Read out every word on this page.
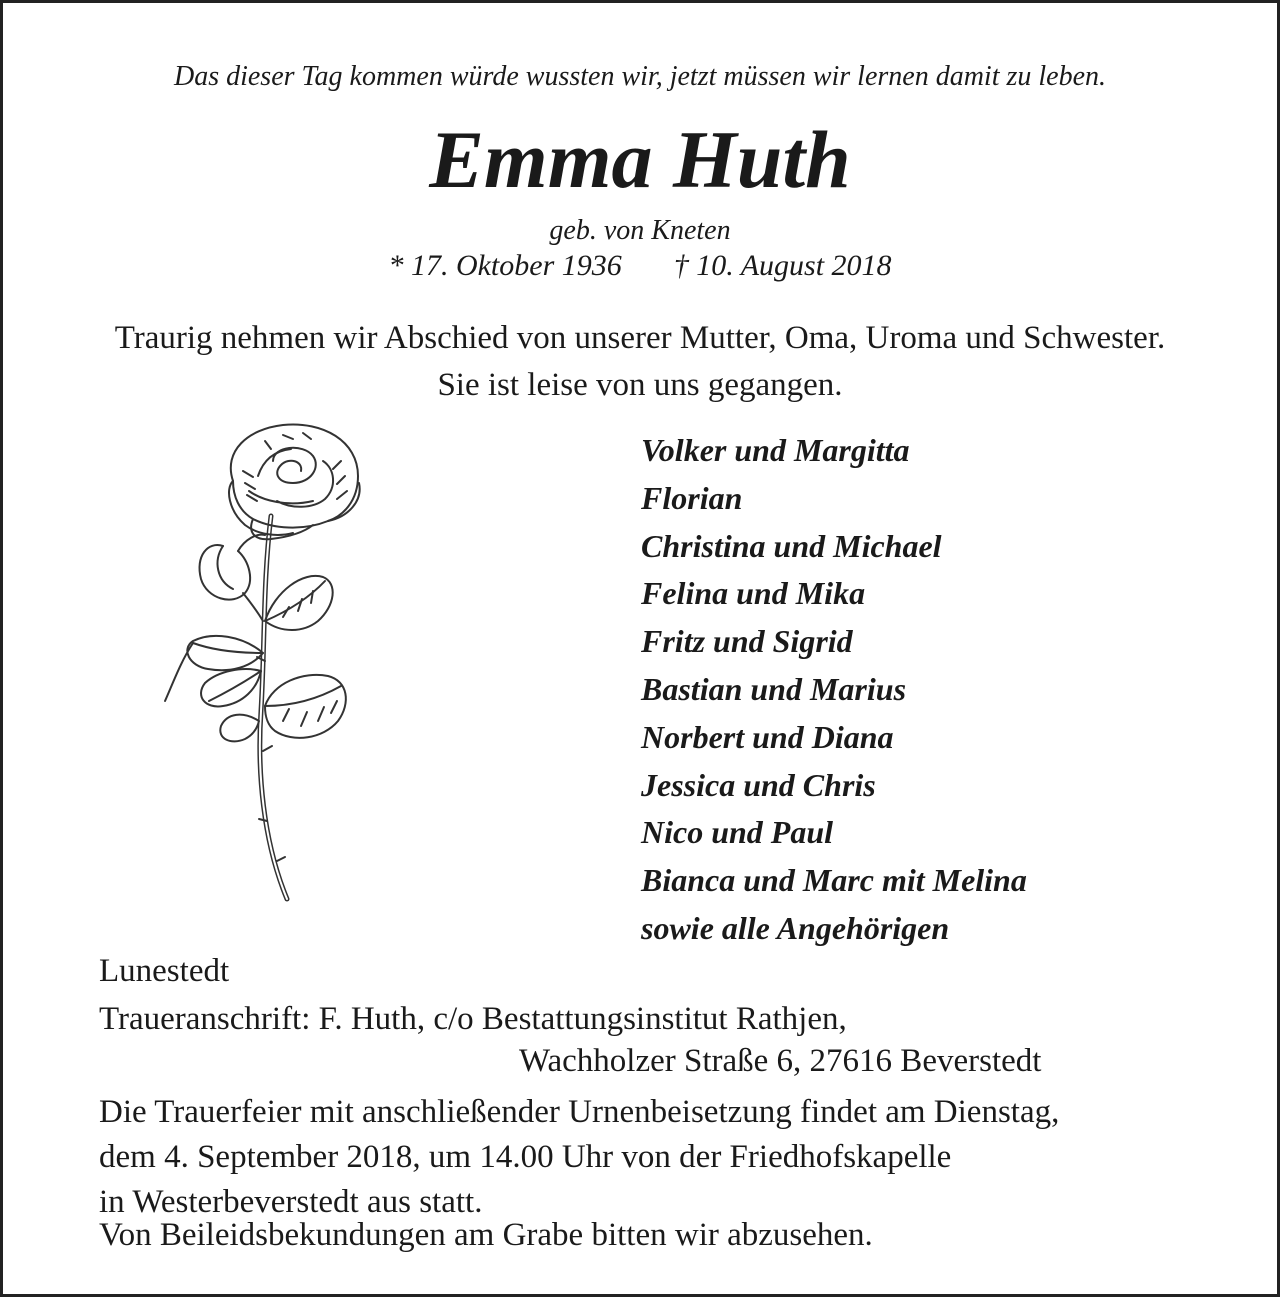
Das dieser Tag kommen würde wussten wir, jetzt müssen wir lernen damit zu leben.
Emma Huth
geb. von Kneten
* 17. Oktober 1936 † 10. August 2018
Traurig nehmen wir Abschied von unserer Mutter, Oma, Uroma und Schwester.
Sie ist leise von uns gegangen.
Volker und Margitta
Florian
Christina und Michael
Felina und Mika
Fritz und Sigrid
Bastian und Marius
Norbert und Diana
Jessica und Chris
Nico und Paul
Bianca und Marc mit Melina
sowie alle Angehörigen
Lunestedt
Traueranschrift: F. Huth, c/o Bestattungsinstitut Rathjen,
Wachholzer Straße 6, 27616 Beverstedt
Die Trauerfeier mit anschließender Urnenbeisetzung findet am Dienstag,
dem 4. September 2018, um 14.00 Uhr von der Friedhofskapelle
in Westerbeverstedt aus statt.
Von Beileidsbekundungen am Grabe bitten wir abzusehen.
